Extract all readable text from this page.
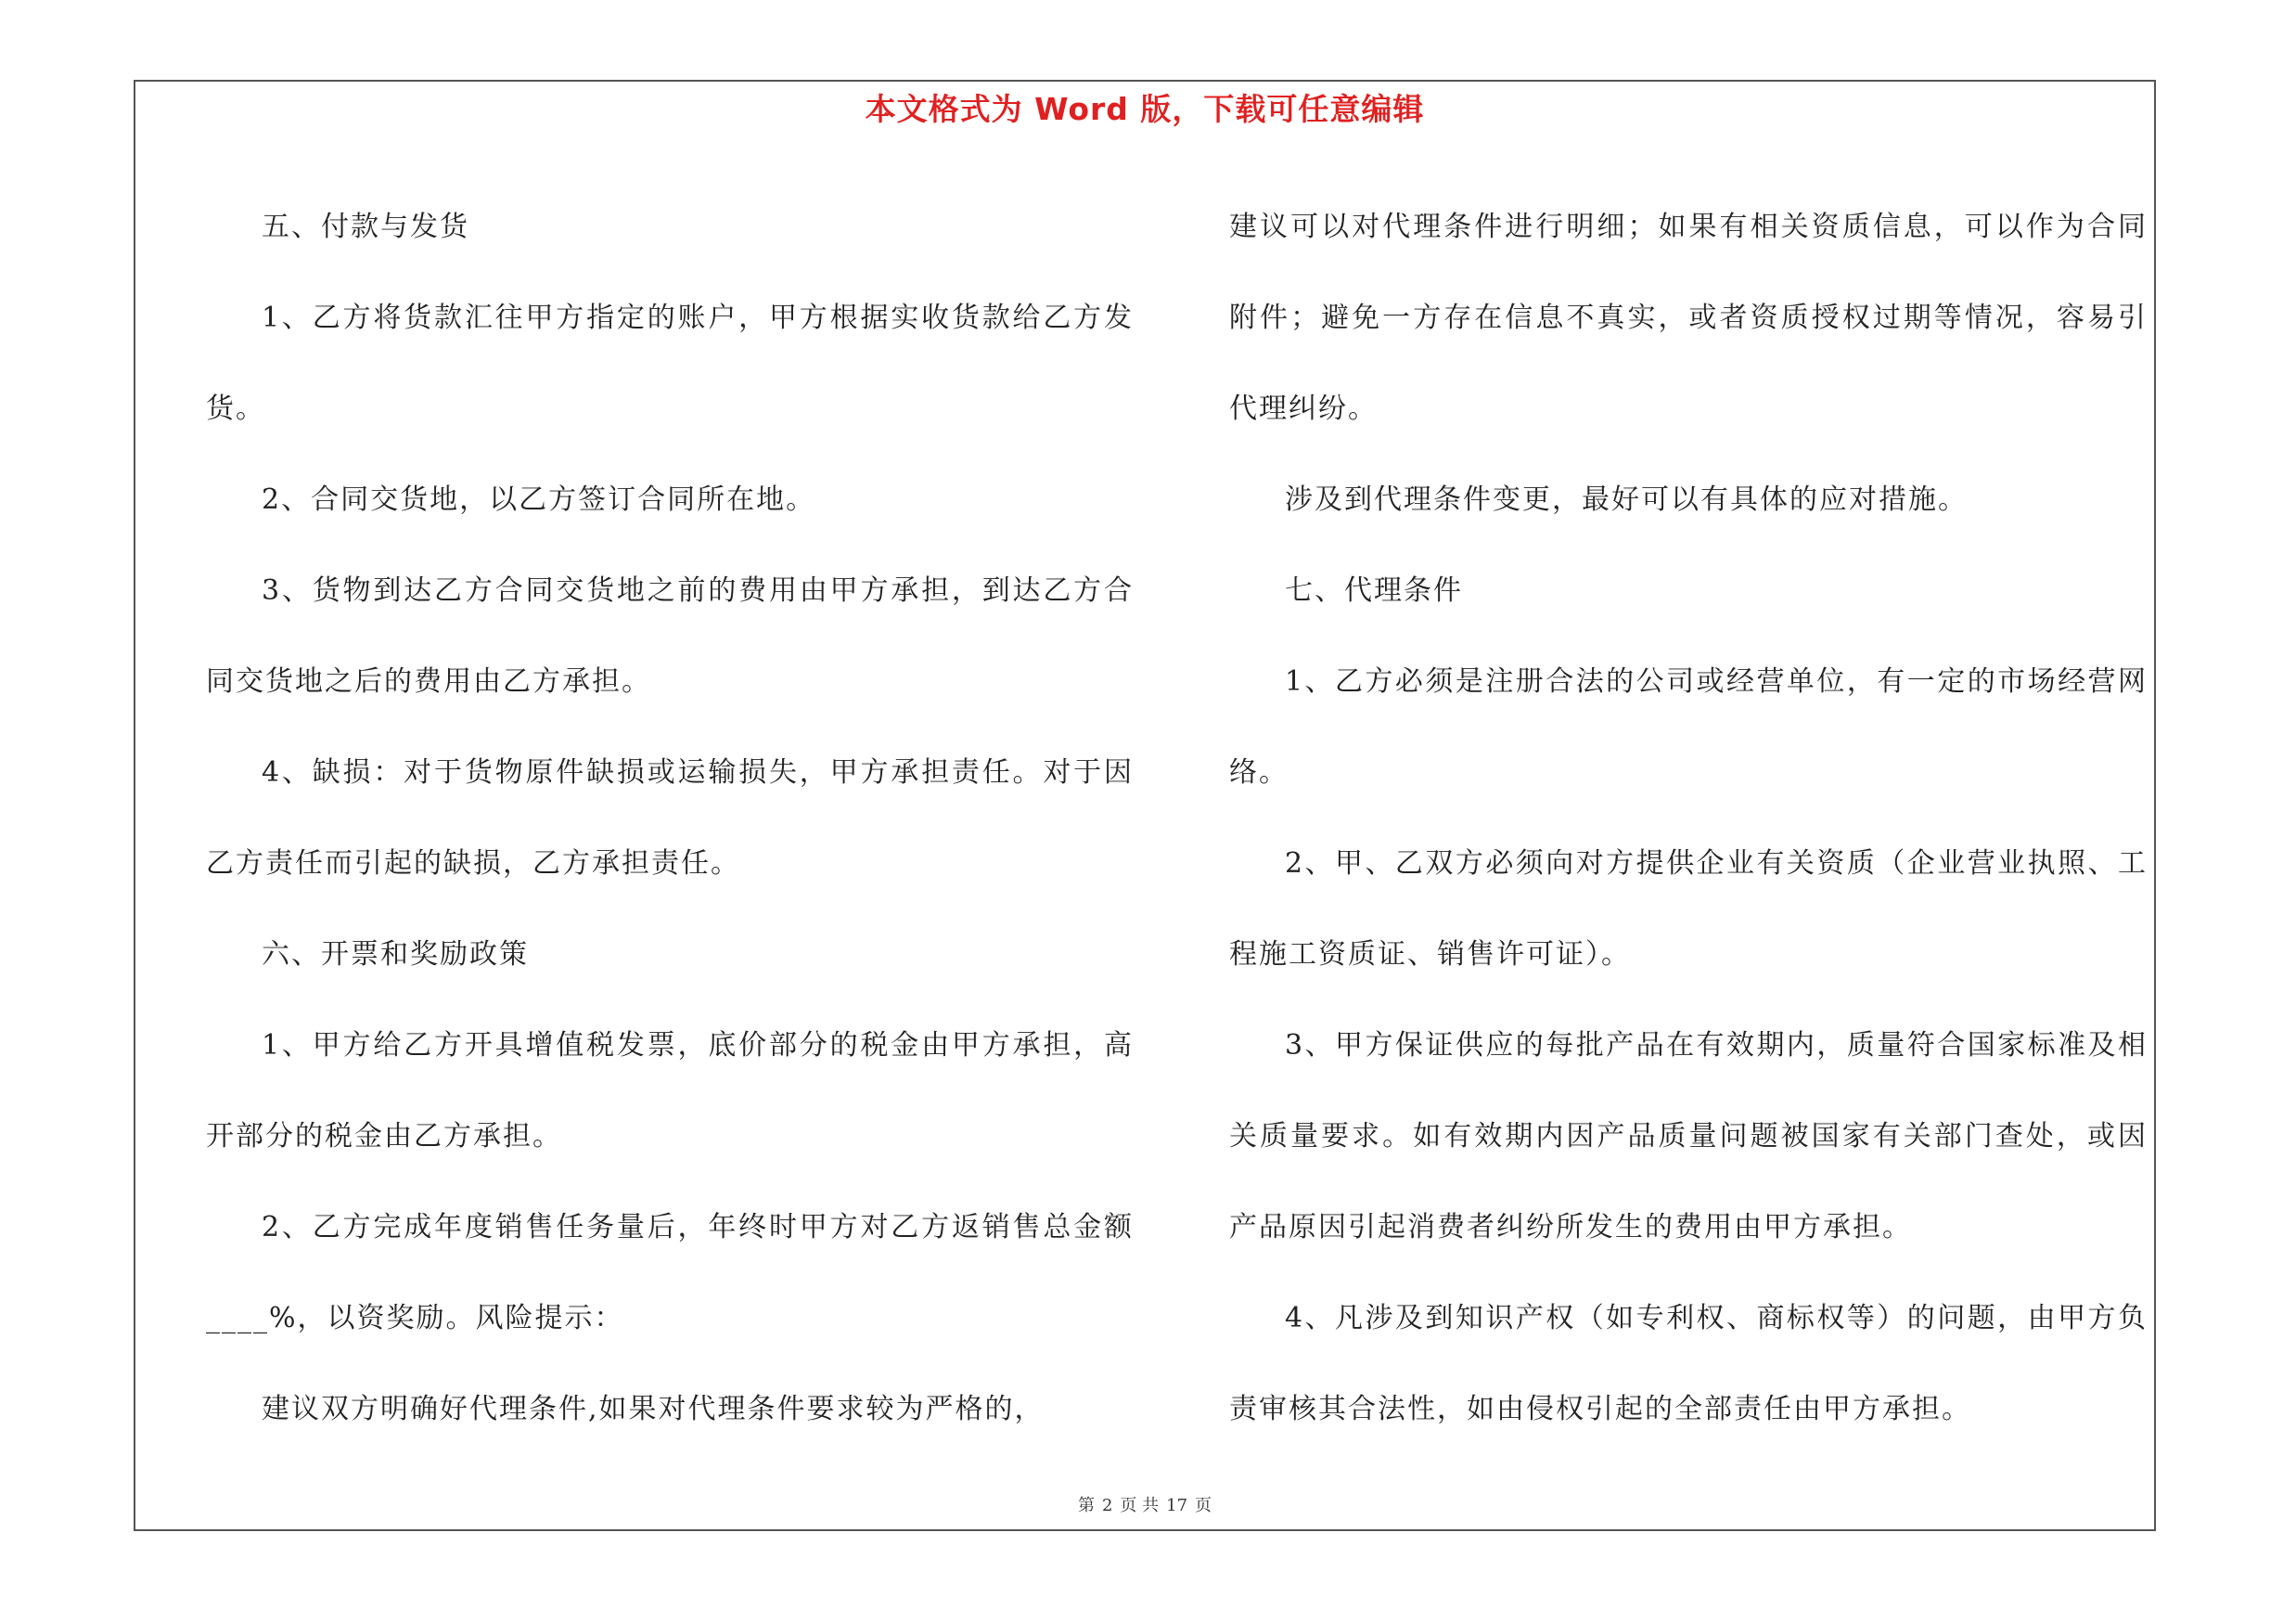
本文格式为 Word 版，下载可任意编辑

五、付款与发货

1、乙方将货款汇往甲方指定的账户，甲方根据实收货款给乙方发货。

2、合同交货地，以乙方签订合同所在地。

3、货物到达乙方合同交货地之前的费用由甲方承担，到达乙方合同交货地之后的费用由乙方承担。

4、缺损：对于货物原件缺损或运输损失，甲方承担责任。对于因乙方责任而引起的缺损，乙方承担责任。

六、开票和奖励政策

1、甲方给乙方开具增值税发票，底价部分的税金由甲方承担，高开部分的税金由乙方承担。

2、乙方完成年度销售任务量后，年终时甲方对乙方返销售总金额____%，以资奖励。风险提示：

建议双方明确好代理条件,如果对代理条件要求较为严格的，

建议可以对代理条件进行明细；如果有相关资质信息，可以作为合同附件；避免一方存在信息不真实，或者资质授权过期等情况，容易引代理纠纷。

涉及到代理条件变更，最好可以有具体的应对措施。

七、代理条件

1、乙方必须是注册合法的公司或经营单位，有一定的市场经营网络。

2、甲、乙双方必须向对方提供企业有关资质（企业营业执照、工程施工资质证、销售许可证）。

3、甲方保证供应的每批产品在有效期内，质量符合国家标准及相关质量要求。如有效期内因产品质量问题被国家有关部门查处，或因产品原因引起消费者纠纷所发生的费用由甲方承担。

4、凡涉及到知识产权（如专利权、商标权等）的问题，由甲方负责审核其合法性，如由侵权引起的全部责任由甲方承担。

第 2 页 共 17 页
